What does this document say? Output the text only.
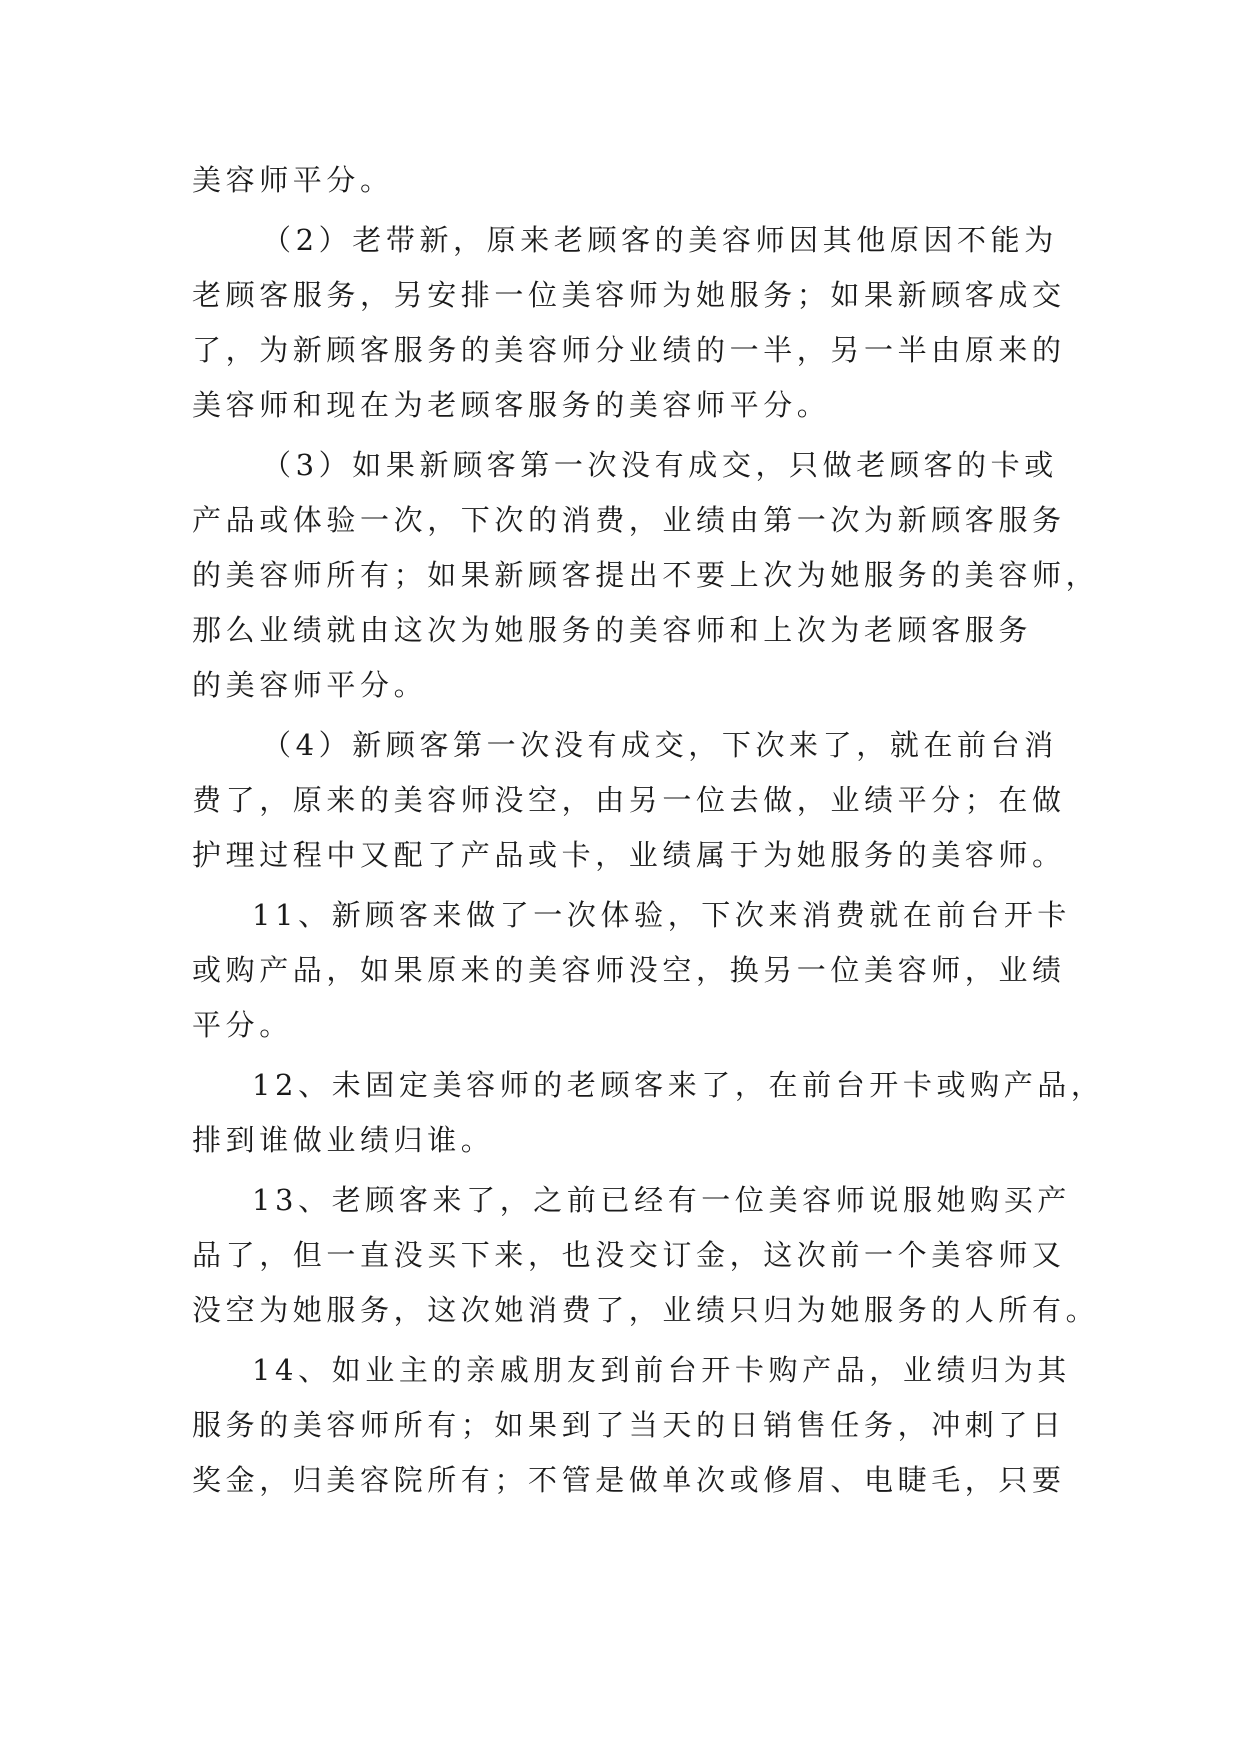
美容师平分。
（2）老带新，原来老顾客的美容师因其他原因不能为
老顾客服务，另安排一位美容师为她服务；如果新顾客成交
了，为新顾客服务的美容师分业绩的一半，另一半由原来的
美容师和现在为老顾客服务的美容师平分。
（3）如果新顾客第一次没有成交，只做老顾客的卡或
产品或体验一次，下次的消费，业绩由第一次为新顾客服务
的美容师所有；如果新顾客提出不要上次为她服务的美容师，
那么业绩就由这次为她服务的美容师和上次为老顾客服务
的美容师平分。
（4）新顾客第一次没有成交，下次来了，就在前台消
费了，原来的美容师没空，由另一位去做，业绩平分；在做
护理过程中又配了产品或卡，业绩属于为她服务的美容师。
11、新顾客来做了一次体验，下次来消费就在前台开卡
或购产品，如果原来的美容师没空，换另一位美容师，业绩
平分。
12、未固定美容师的老顾客来了，在前台开卡或购产品，
排到谁做业绩归谁。
13、老顾客来了，之前已经有一位美容师说服她购买产
品了，但一直没买下来，也没交订金，这次前一个美容师又
没空为她服务，这次她消费了，业绩只归为她服务的人所有。
14、如业主的亲戚朋友到前台开卡购产品，业绩归为其
服务的美容师所有；如果到了当天的日销售任务，冲刺了日
奖金，归美容院所有；不管是做单次或修眉、电睫毛，只要
